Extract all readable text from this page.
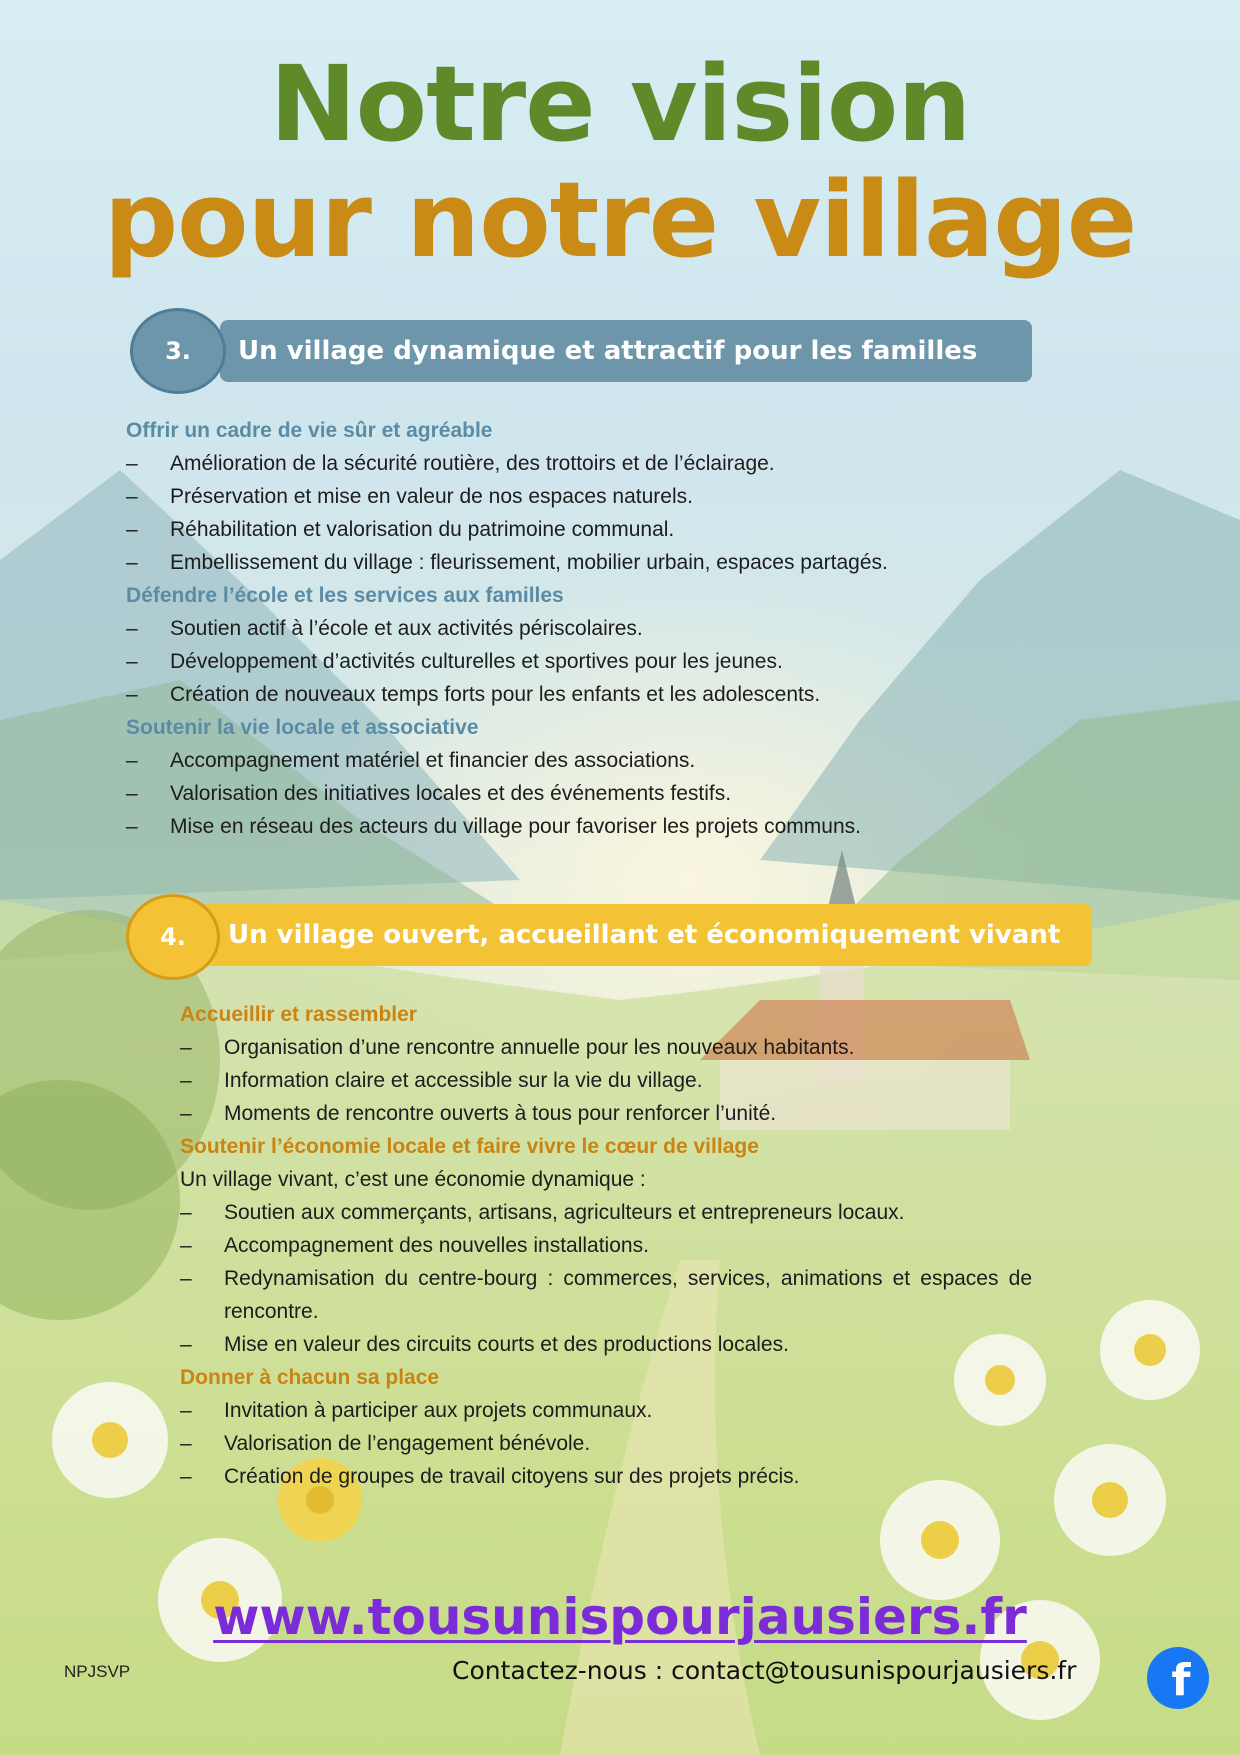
Notre vision
pour notre village
Un village dynamique et attractif pour les familles
3.
Offrir un cadre de vie sûr et agréable
–	Amélioration de la sécurité routière, des trottoirs et de l’éclairage.
–	Préservation et mise en valeur de nos espaces naturels.
–	Réhabilitation et valorisation du patrimoine communal.
–	Embellissement du village : fleurissement, mobilier urbain, espaces partagés.
Défendre l’école et les services aux familles
–	Soutien actif à l’école et aux activités périscolaires.
–	Développement d’activités culturelles et sportives pour les jeunes.
–	Création de nouveaux temps forts pour les enfants et les adolescents.
Soutenir la vie locale et associative
–	Accompagnement matériel et financier des associations.
–	Valorisation des initiatives locales et des événements festifs.
–	Mise en réseau des acteurs du village pour favoriser les projets communs.
Un village ouvert, accueillant et économiquement vivant
4.
Accueillir et rassembler
–	Organisation d’une rencontre annuelle pour les nouveaux habitants.
–	Information claire et accessible sur la vie du village.
–	Moments de rencontre ouverts à tous pour renforcer l’unité.
Soutenir l’économie locale et faire vivre le cœur de village
Un village vivant, c’est une économie dynamique :
–	Soutien aux commerçants, artisans, agriculteurs et entrepreneurs locaux.
–	Accompagnement des nouvelles installations.
–	Redynamisation du centre-bourg : commerces, services, animations et espaces de rencontre.
–	Mise en valeur des circuits courts et des productions locales.
Donner à chacun sa place
–	Invitation à participer aux projets communaux.
–	Valorisation de l’engagement bénévole.
–	Création de groupes de travail citoyens sur des projets précis.
www.tousunispourjausiers.fr
NPJSVP	Contactez-nous : contact@tousunispourjausiers.fr f
